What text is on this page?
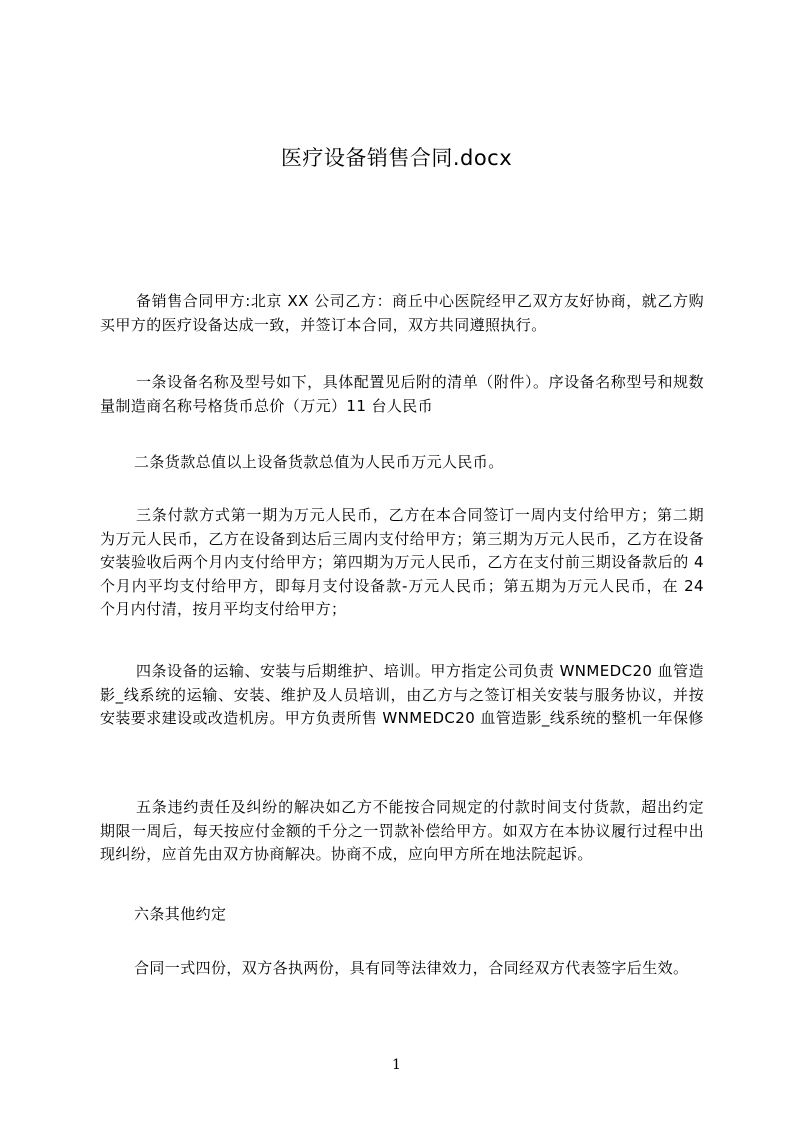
医疗设备销售合同.docx

备销售合同甲方:北京 XX 公司乙方：商丘中心医院经甲乙双方友好协商，就乙方购买甲方的医疗设备达成一致，并签订本合同，双方共同遵照执行。

一条设备名称及型号如下，具体配置见后附的清单（附件）。序设备名称型号和规数量制造商名称号格货币总价（万元）11 台人民币

二条货款总值以上设备货款总值为人民币万元人民币。

三条付款方式第一期为万元人民币，乙方在本合同签订一周内支付给甲方；第二期为万元人民币，乙方在设备到达后三周内支付给甲方；第三期为万元人民币，乙方在设备安装验收后两个月内支付给甲方；第四期为万元人民币，乙方在支付前三期设备款后的 4 个月内平均支付给甲方，即每月支付设备款-万元人民币；第五期为万元人民币，在 24 个月内付清，按月平均支付给甲方；

四条设备的运输、安装与后期维护、培训。甲方指定公司负责 WNMEDC20 血管造影_线系统的运输、安装、维护及人员培训，由乙方与之签订相关安装与服务协议，并按安装要求建设或改造机房。甲方负责所售 WNMEDC20 血管造影_线系统的整机一年保修

五条违约责任及纠纷的解决如乙方不能按合同规定的付款时间支付货款，超出约定期限一周后，每天按应付金额的千分之一罚款补偿给甲方。如双方在本协议履行过程中出现纠纷，应首先由双方协商解决。协商不成，应向甲方所在地法院起诉。

六条其他约定

合同一式四份，双方各执两份，具有同等法律效力，合同经双方代表签字后生效。

1
